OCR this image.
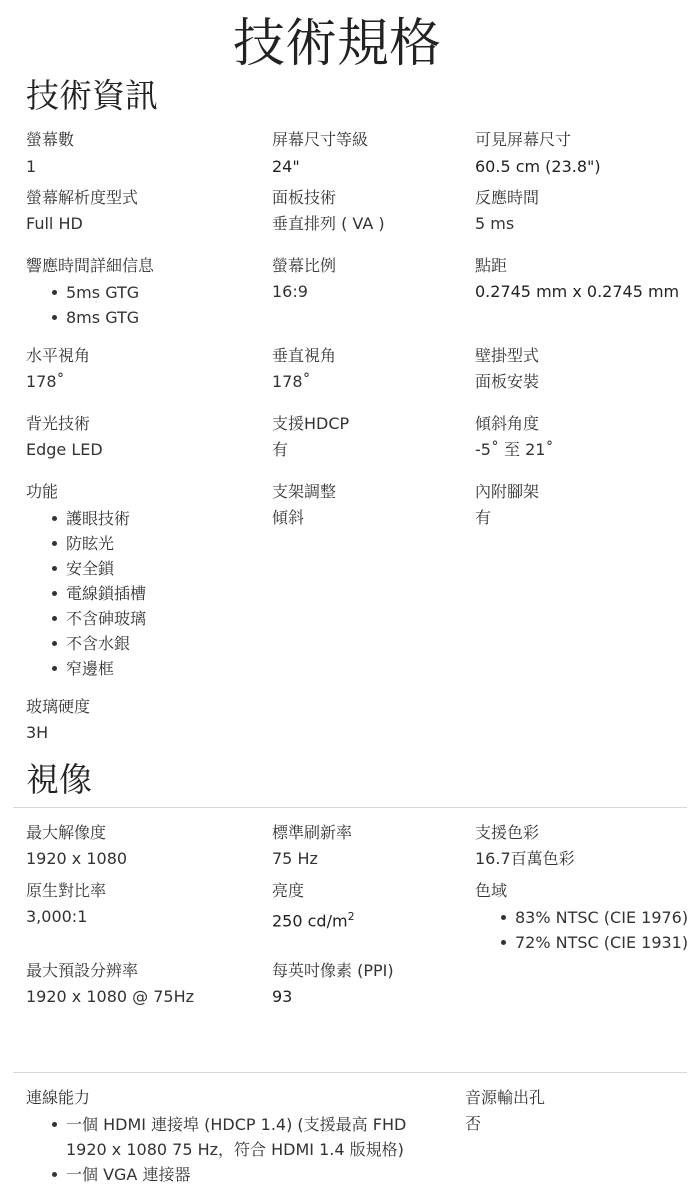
技術規格
技術資訊
螢幕數
1
屏幕尺寸等級
24"
可見屏幕尺寸
60.5 cm (23.8")
螢幕解析度型式
Full HD
面板技術
垂直排列 ( VA )
反應時間
5 ms
響應時間詳細信息
5ms GTG
8ms GTG
螢幕比例
16:9
點距
0.2745 mm x 0.2745 mm
水平視角
178˚
垂直視角
178˚
壁掛型式
面板安裝
背光技術
Edge LED
支援HDCP
有
傾斜角度
-5˚ 至 21˚
功能
護眼技術
防眩光
安全鎖
電線鎖插槽
不含砷玻璃
不含水銀
窄邊框
支架調整
傾斜
內附腳架
有
玻璃硬度
3H
視像
最大解像度
1920 x 1080
標準刷新率
75 Hz
支援色彩
16.7百萬色彩
原生對比率
3,000:1
亮度
250 $cd/m^2$
色域
83% NTSC (CIE 1976)
72% NTSC (CIE 1931)
最大預設分辨率
1920 x 1080 @ 75Hz
每英吋像素 (PPI)
93
連線能力
一個 HDMI 連接埠 (HDCP 1.4) (支援最高 FHD 1920 x 1080 75 Hz，符合 HDMI 1.4 版規格)
一個 VGA 連接器
音源輸出孔
否
